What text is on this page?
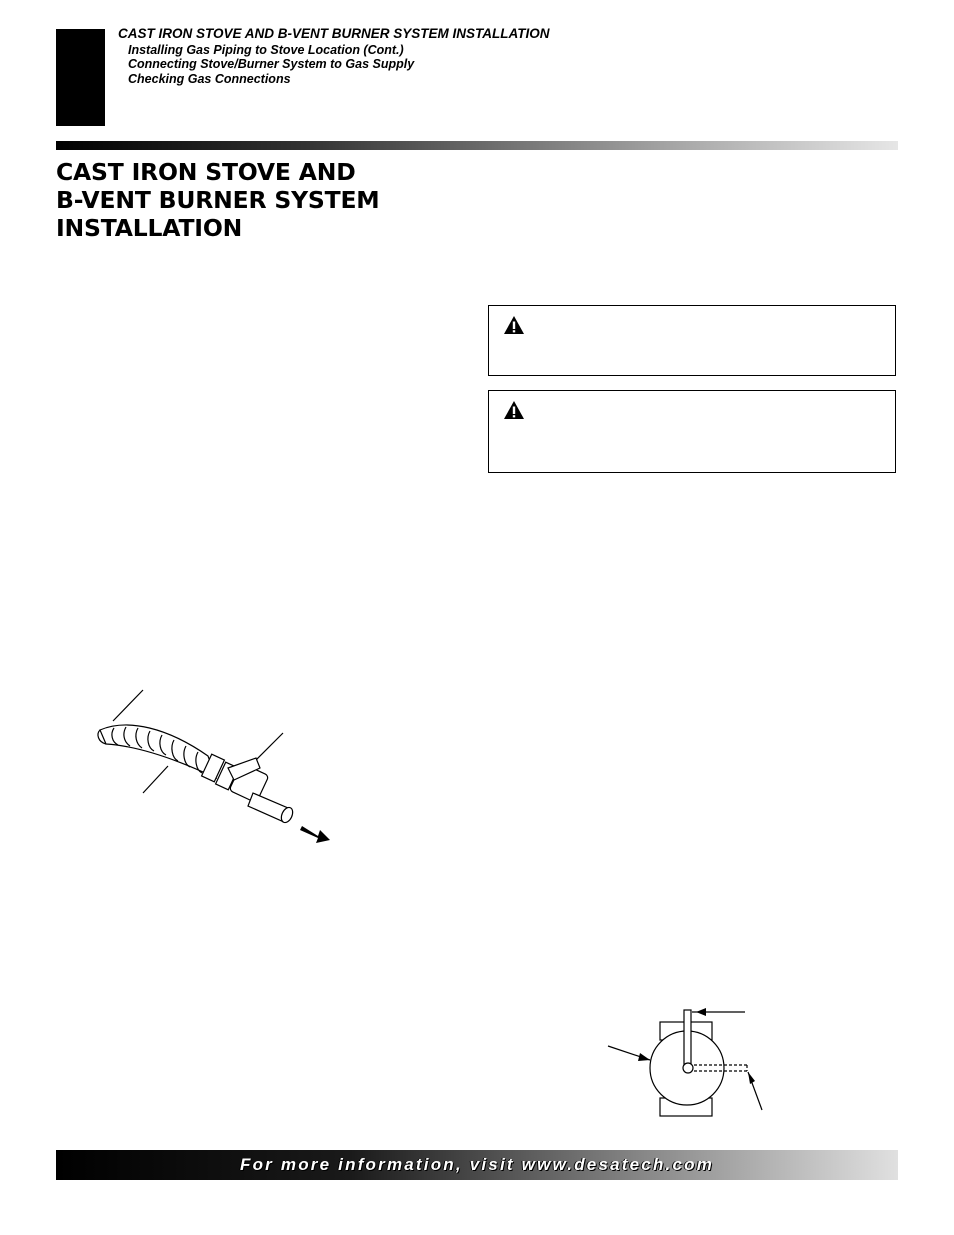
CAST IRON STOVE AND B-VENT BURNER SYSTEM INSTALLATION
Installing Gas Piping to Stove Location (Cont.)
Connecting Stove/Burner System to Gas Supply
Checking Gas Connections
CAST IRON STOVE AND
B-VENT BURNER SYSTEM
INSTALLATION
For more information, visit www.desatech.com
